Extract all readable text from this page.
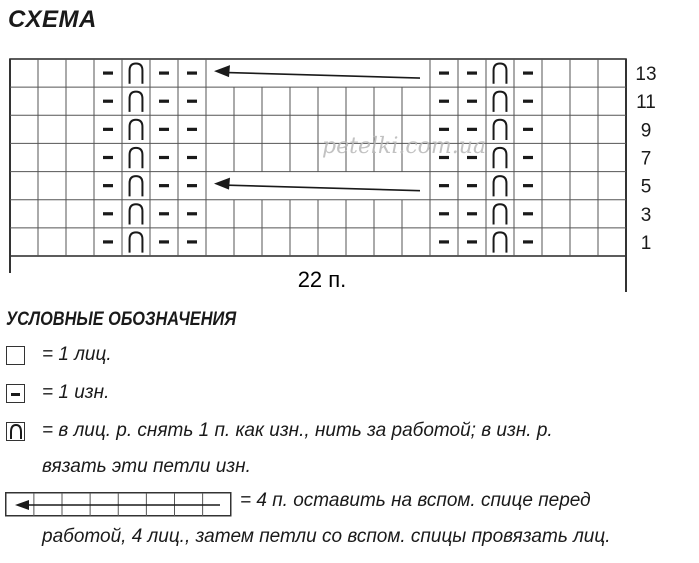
СХЕМА
13
11
9
7
5
3
1
petelki.com.ua
22 п.
УСЛОВНЫЕ ОБОЗНАЧЕНИЯ
= 1 лиц.
= 1 изн.
= в лиц. р. снять 1 п. как изн., нить за работой; в изн. р.
вязать эти петли изн.
= 4 п. оставить на вспом. спице перед
работой, 4 лиц., затем петли со вспом. спицы провязать лиц.
